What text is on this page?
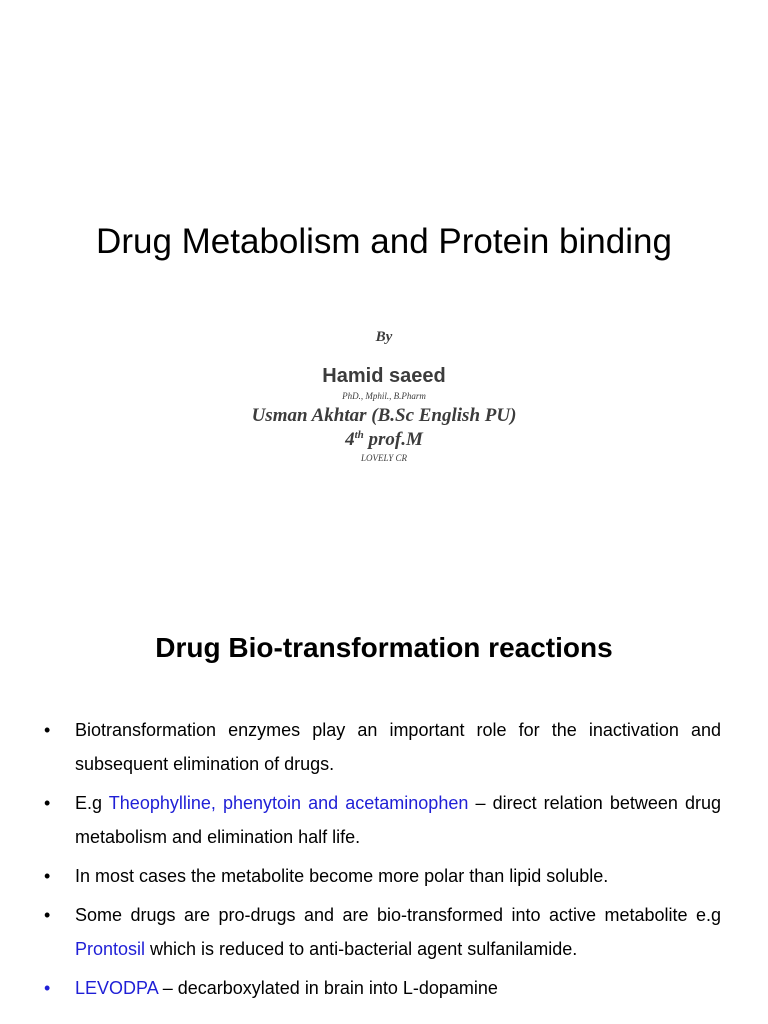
Drug Metabolism and Protein binding
By
Hamid saeed
PhD., Mphil., B.Pharm
Usman Akhtar (B.Sc English PU)
4th prof.M
LOVELY CR
Drug Bio-transformation reactions
• Biotransformation enzymes play an important role for the inactivation and subsequent elimination of drugs.
• E.g Theophylline, phenytoin and acetaminophen – direct relation between drug metabolism and elimination half life.
• In most cases the metabolite become more polar than lipid soluble.
• Some drugs are pro-drugs and are bio-transformed into active metabolite e.g Prontosil which is reduced to anti-bacterial agent sulfanilamide.
• LEVODPA – decarboxylated in brain into L-dopamine
